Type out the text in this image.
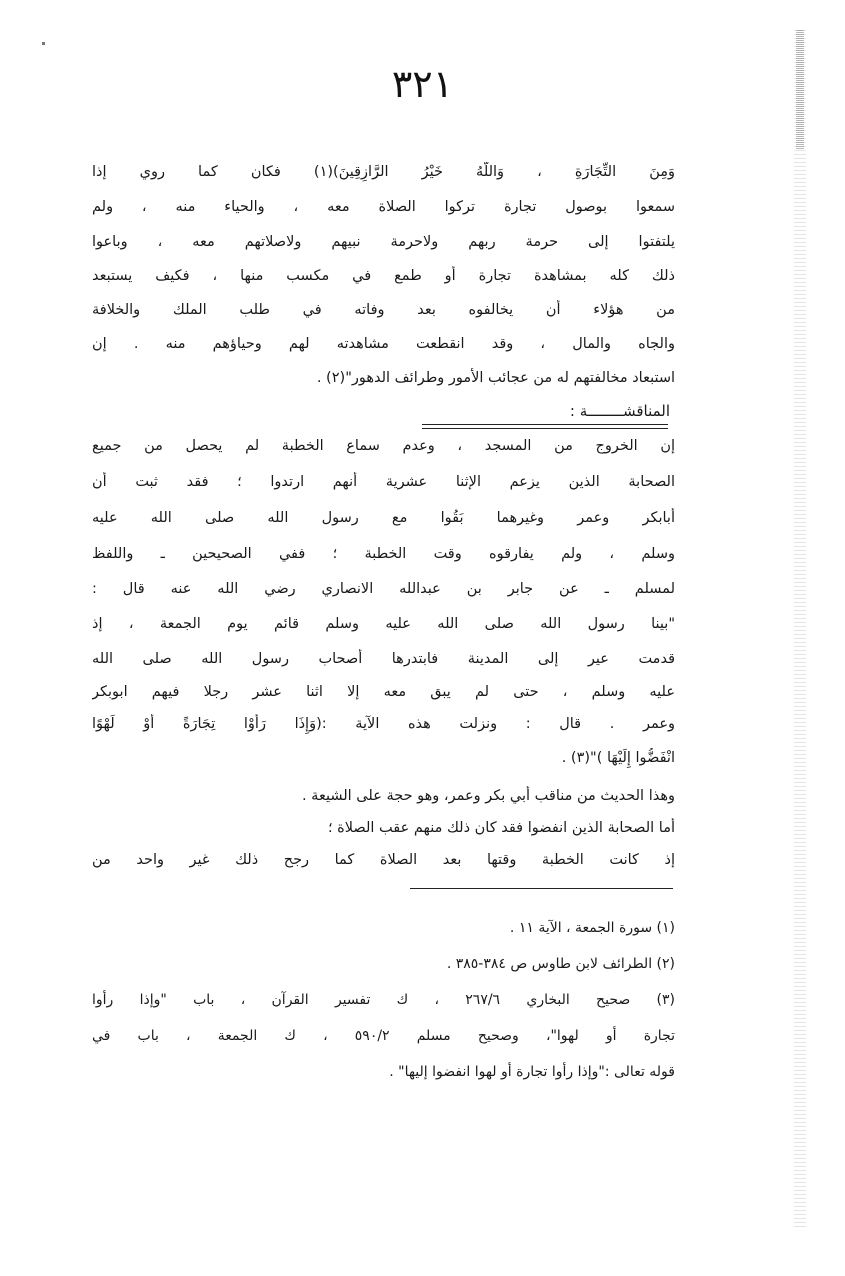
٣٢١
وَمِنَ التِّجَارَةِ ، وَاللَّهُ خَيْرُ الرَّازِقِينَ)(١) فكان كما روي إذا
سمعوا بوصول تجارة تركوا الصلاة معه ، والحياء منه ، ولم
يلتفتوا إلى حرمة ربهم ولاحرمة نبيهم ولاصلاتهم معه ، وباعوا
ذلك كله بمشاهدة تجارة أو طمع في مكسب منها ، فكيف يستبعد
من هؤلاء أن يخالفوه بعد وفاته في طلب الملك والخلافة
والجاه والمال ، وقد انقطعت مشاهدته لهم وحياؤهم منه . إن
استبعاد مخالفتهم له من عجائب الأمور وطرائف الدهور"(٢) .
المناقشــــــــة :
إن الخروج من المسجد ، وعدم سماع الخطبة لم يحصل من جميع
الصحابة الذين يزعم الإثنا عشرية أنهم ارتدوا ؛ فقد ثبت أن
أبابكر وعمر وغيرهما بَقُوا مع رسول الله صلى الله عليه
وسلم ، ولم يفارقوه وقت الخطبة ؛ ففي الصحيحين ـ واللفظ
لمسلم ـ عن جابر بن عبدالله الانصاري رضي الله عنه قال :
"بينا رسول الله صلى الله عليه وسلم قائم يوم الجمعة ، إذ
قدمت عير إلى المدينة فابتدرها أصحاب رسول الله صلى الله
عليه وسلم ، حتى لم يبق معه إلا اثنا عشر رجلا فيهم ابوبكر
وعمر . قال : ونزلت هذه الآية :(وَإِذَا رَأَوْا تِجَارَةً أَوْ لَهْوًا
انْفَضُّوا إِلَيْهَا )"(٣) .
وهذا الحديث من مناقب أبي بكر وعمر، وهو حجة على الشيعة .
أما الصحابة الذين انفضوا فقد كان ذلك منهم عقب الصلاة ؛
إذ كانت الخطبة وقتها بعد الصلاة كما رجح ذلك غير واحد من
(١) سورة الجمعة ، الآية ١١ .
(٢) الطرائف لابن طاوس ص ٣٨٤-٣٨٥ .
(٣) صحيح البخاري ٢٦٧/٦ ، ك تفسير القرآن ، باب "وإذا رأوا
تجارة أو لهوا"، وصحيح مسلم ٥٩٠/٢ ، ك الجمعة ، باب في
قوله تعالى :"وإذا رأوا تجارة أو لهوا انفضوا إليها" .
